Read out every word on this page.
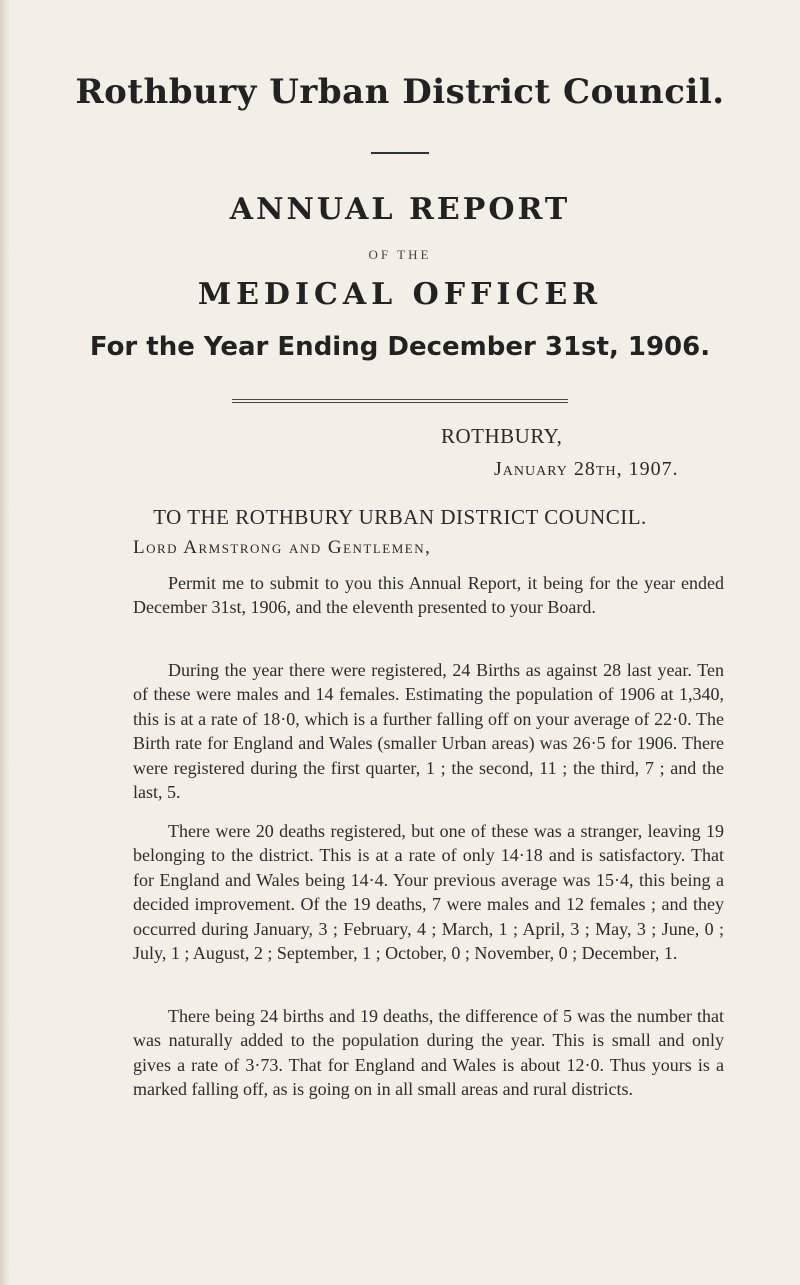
Rothbury Urban District Council.
ANNUAL REPORT
OF THE
MEDICAL OFFICER
For the Year Ending December 31st, 1906.
ROTHBURY,
January 28th, 1907.
TO THE ROTHBURY URBAN DISTRICT COUNCIL.
Lord Armstrong and Gentlemen,

Permit me to submit to you this Annual Report, it being for the year ended December 31st, 1906, and the eleventh presented to your Board.

During the year there were registered, 24 Births as against 28 last year. Ten of these were males and 14 females. Estimating the population of 1906 at 1,340, this is at a rate of 18·0, which is a further falling off on your average of 22·0. The Birth rate for England and Wales (smaller Urban areas) was 26·5 for 1906. There were registered during the first quarter, 1 ; the second, 11 ; the third, 7 ; and the last, 5.

There were 20 deaths registered, but one of these was a stranger, leaving 19 belonging to the district. This is at a rate of only 14·18 and is satisfactory. That for England and Wales being 14·4. Your previous average was 15·4, this being a decided improvement. Of the 19 deaths, 7 were males and 12 females ; and they occurred during January, 3 ; February, 4 ; March, 1 ; April, 3 ; May, 3 ; June, 0 ; July, 1 ; August, 2 ; September, 1 ; October, 0 ; November, 0 ; December, 1.

There being 24 births and 19 deaths, the difference of 5 was the number that was naturally added to the population during the year. This is small and only gives a rate of 3·73. That for England and Wales is about 12·0. Thus yours is a marked falling off, as is going on in all small areas and rural districts.
